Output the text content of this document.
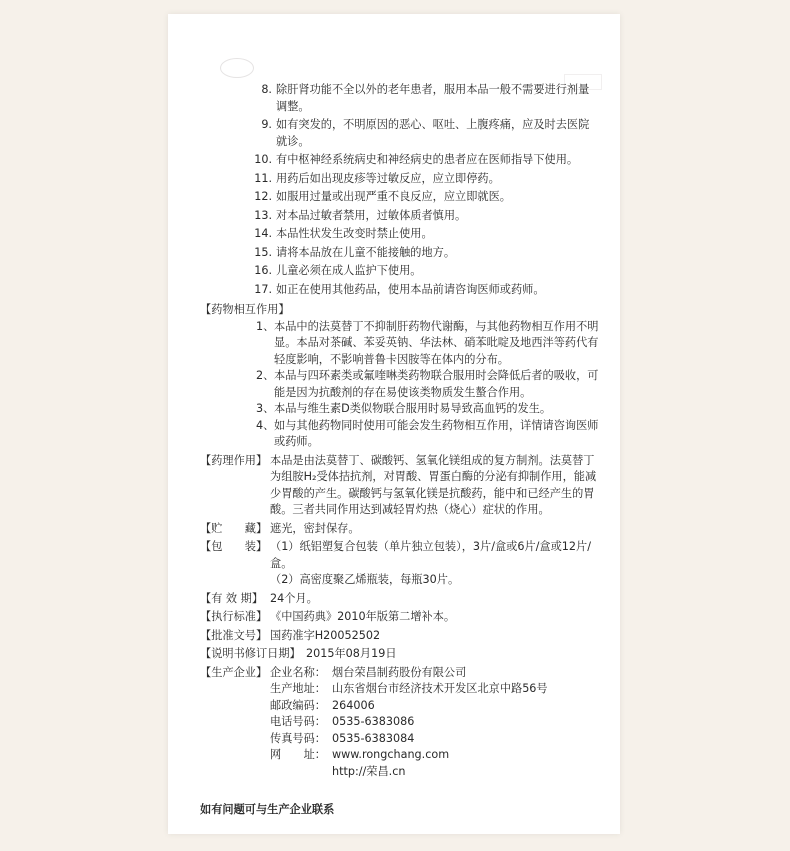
8. 除肝肾功能不全以外的老年患者，服用本品一般不需要进行剂量调整。
9. 如有突发的，不明原因的恶心、呕吐、上腹疼痛，应及时去医院就诊。
10. 有中枢神经系统病史和神经病史的患者应在医师指导下使用。
11. 用药后如出现皮疹等过敏反应，应立即停药。
12. 如服用过量或出现严重不良反应，应立即就医。
13. 对本品过敏者禁用，过敏体质者慎用。
14. 本品性状发生改变时禁止使用。
15. 请将本品放在儿童不能接触的地方。
16. 儿童必须在成人监护下使用。
17. 如正在使用其他药品，使用本品前请咨询医师或药师。
【药物相互作用】
1、 本品中的法莫替丁不抑制肝药物代谢酶，与其他药物相互作用不明显。本品对茶碱、苯妥英钠、华法林、硝苯吡啶及地西泮等药代有轻度影响，不影响普鲁卡因胺等在体内的分布。
2、 本品与四环素类或氟喹啉类药物联合服用时会降低后者的吸收，可能是因为抗酸剂的存在易使该类物质发生螯合作用。
3、 本品与维生素D类似物联合服用时易导致高血钙的发生。
4、 如与其他药物同时使用可能会发生药物相互作用，详情请咨询医师或药师。
【药理作用】 本品是由法莫替丁、碳酸钙、氢氧化镁组成的复方制剂。法莫替丁为组胺H₂受体拮抗剂，对胃酸、胃蛋白酶的分泌有抑制作用，能减少胃酸的产生。碳酸钙与氢氧化镁是抗酸药，能中和已经产生的胃酸。三者共同作用达到减轻胃灼热（烧心）症状的作用。
【贮　　藏】 遮光，密封保存。
【包　　装】 （1）纸铝塑复合包装（单片独立包装），3片/盒或6片/盒或12片/盒。
（2）高密度聚乙烯瓶装，每瓶30片。
【有 效 期】 24个月。
【执行标准】 《中国药典》2010年版第二增补本。
【批准文号】 国药准字H20052502
【说明书修订日期】 2015年08月19日
【生产企业】 企业名称： 烟台荣昌制药股份有限公司
生产地址： 山东省烟台市经济技术开发区北京中路56号
邮政编码： 264006
电话号码： 0535-6383086
传真号码： 0535-6383084
网　　址： www.rongchang.com
http://荣昌.cn
如有问题可与生产企业联系
